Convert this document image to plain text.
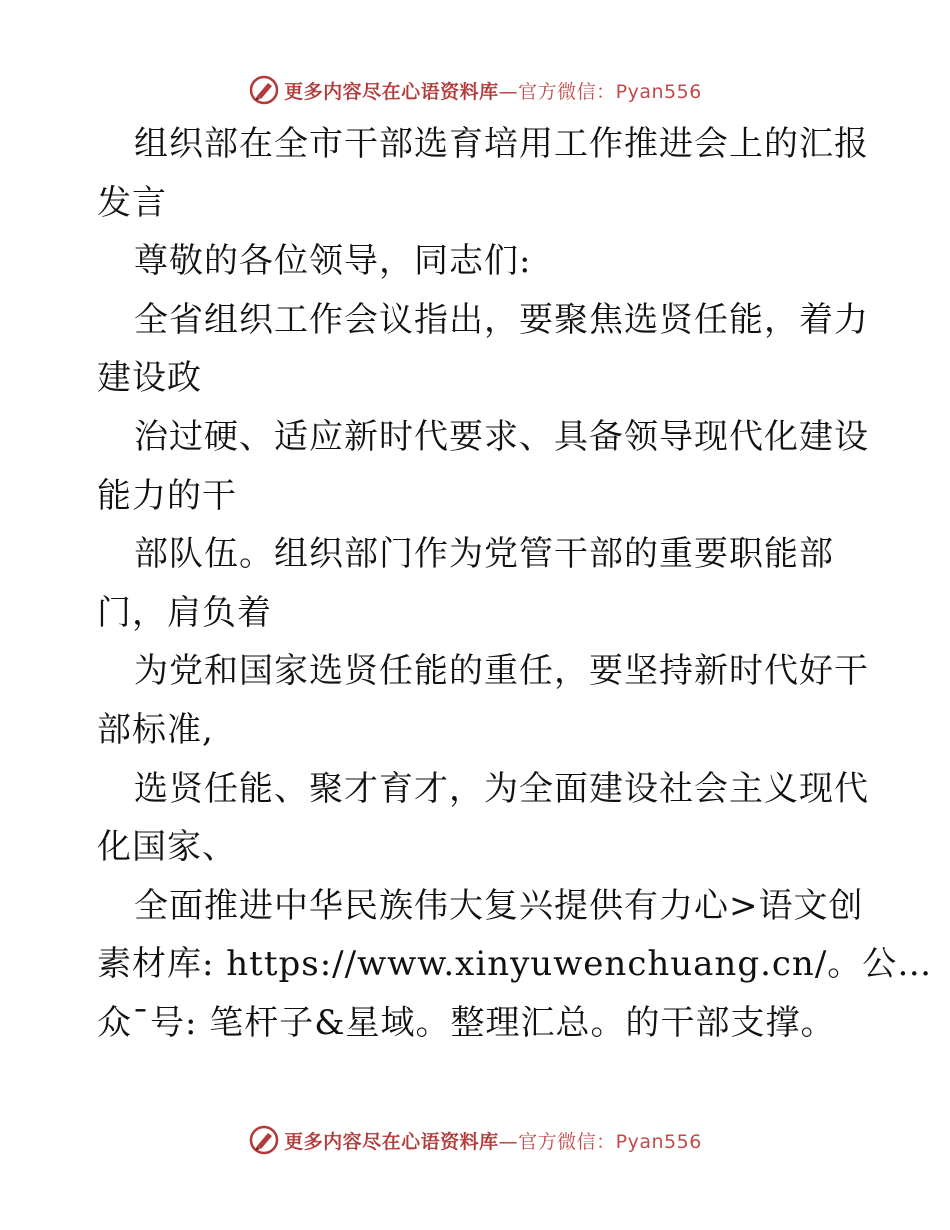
更多内容尽在心语资料库—官方微信：Pyan556

组织部在全市干部选育培用工作推进会上的汇报
发言

尊敬的各位领导，同志们:

全省组织工作会议指出，要聚焦选贤任能，着力
建设政

治过硬、适应新时代要求、具备领导现代化建设
能力的干

部队伍。组织部门作为党管干部的重要职能部
门，肩负着

为党和国家选贤任能的重任，要坚持新时代好干
部标准,

选贤任能、聚才育才，为全面建设社会主义现代
化国家、

全面推进中华民族伟大复兴提供有力心>语文创
素材库: https://www.xinyuwenchuang.cn/。公…
众¯号: 笔杆子&星域。整理汇总。的干部支撑。

更多内容尽在心语资料库—官方微信：Pyan556
